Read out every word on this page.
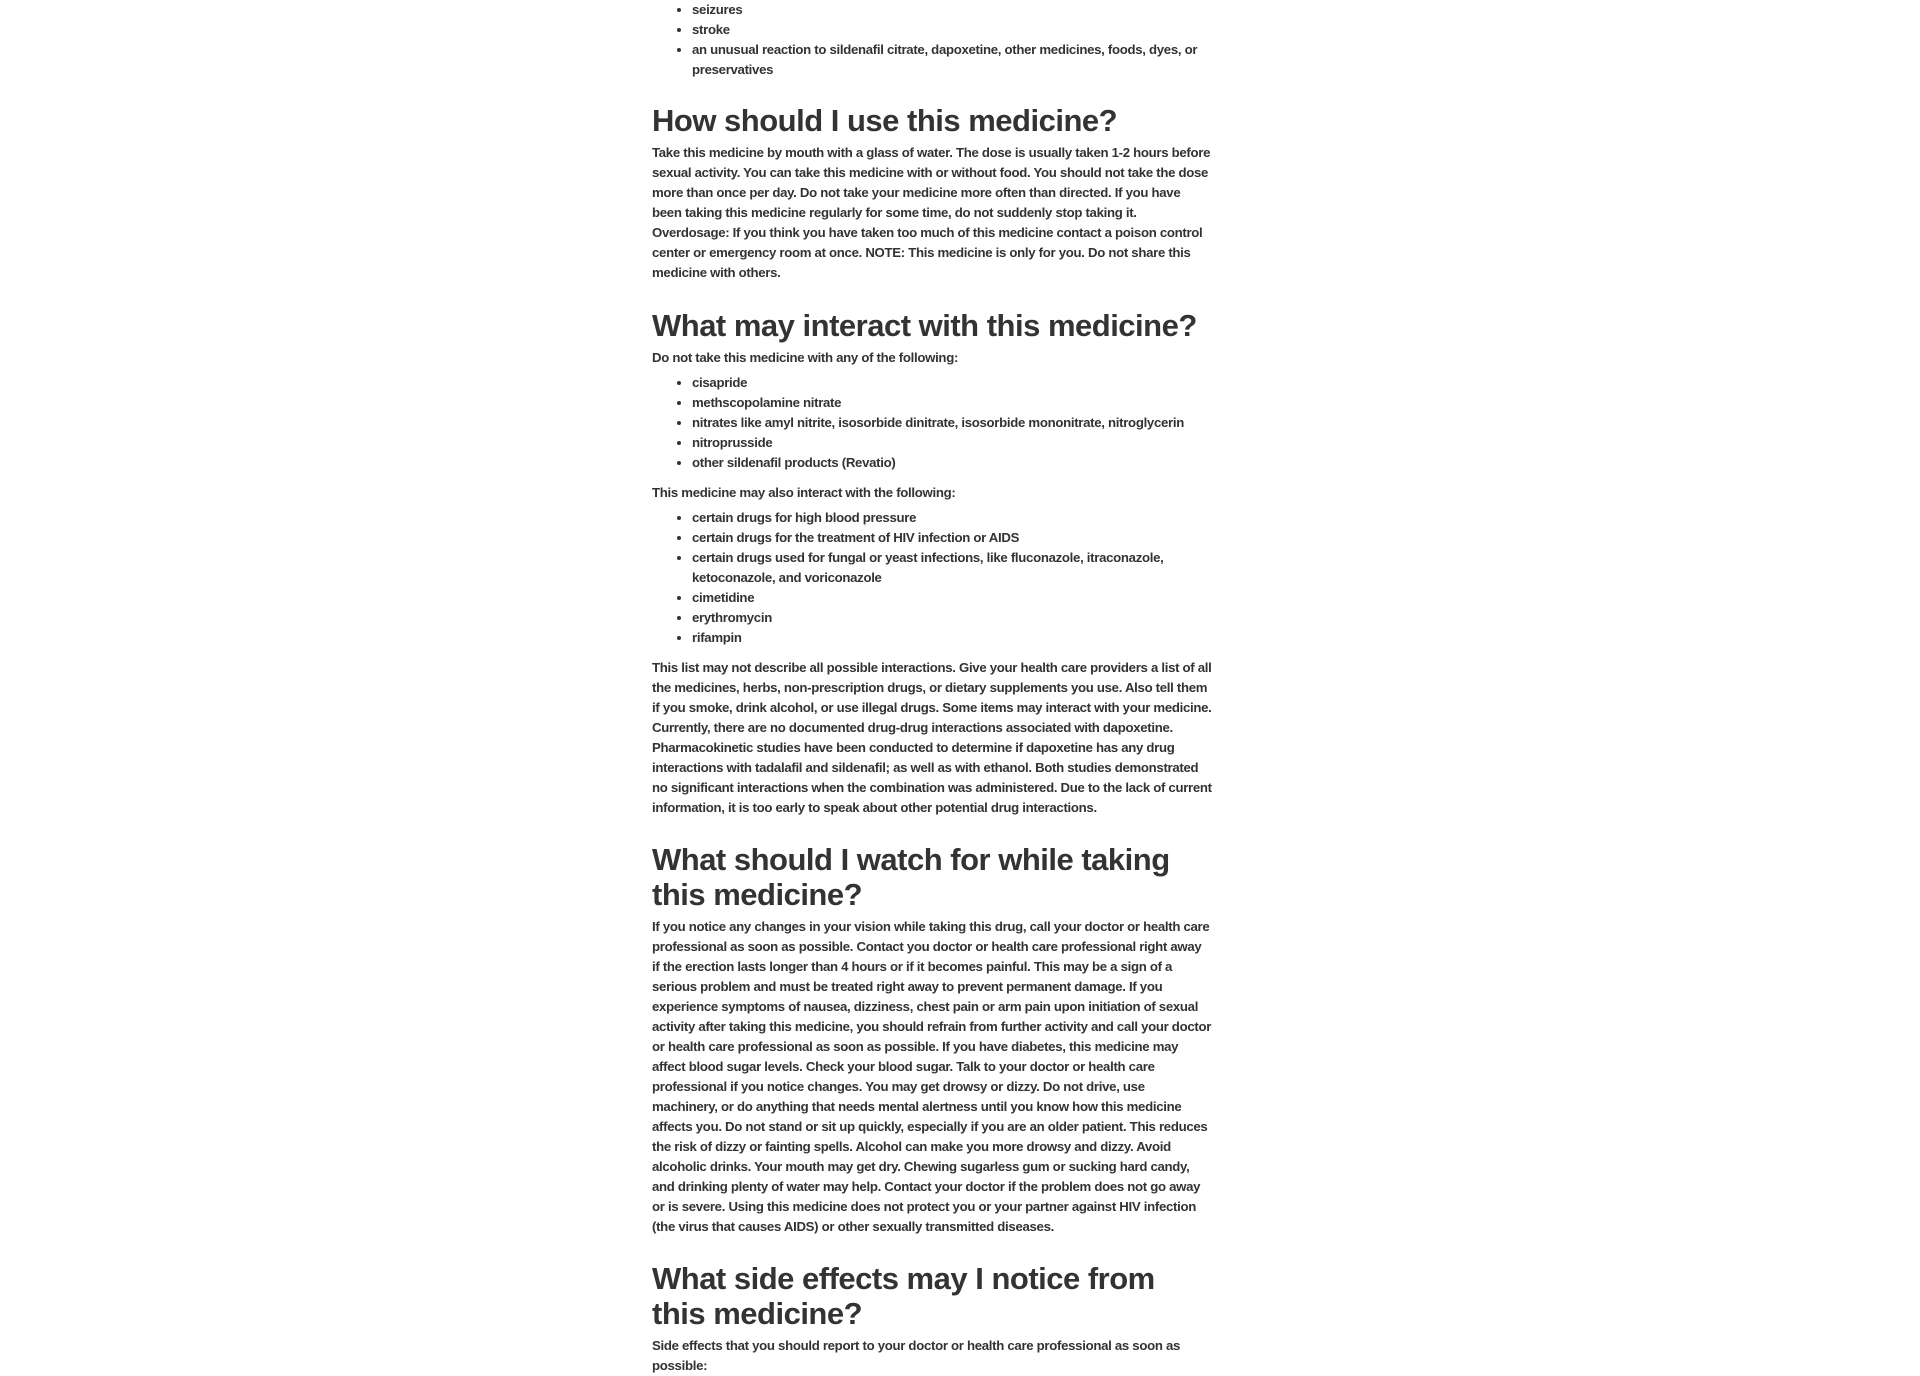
• seizures
• stroke
• an unusual reaction to sildenafil citrate, dapoxetine, other medicines, foods, dyes, or preservatives
How should I use this medicine?

Take this medicine by mouth with a glass of water. The dose is usually taken 1-2 hours before sexual activity. You can take this medicine with or without food. You should not take the dose more than once per day. Do not take your medicine more often than directed. If you have been taking this medicine regularly for some time, do not suddenly stop taking it. Overdosage: If you think you have taken too much of this medicine contact a poison control center or emergency room at once. NOTE: This medicine is only for you. Do not share this medicine with others.

What may interact with this medicine?

Do not take this medicine with any of the following:

• cisapride
• methscopolamine nitrate
• nitrates like amyl nitrite, isosorbide dinitrate, isosorbide mononitrate, nitroglycerin
• nitroprusside
• other sildenafil products (Revatio)

This medicine may also interact with the following:

• certain drugs for high blood pressure
• certain drugs for the treatment of HIV infection or AIDS
• certain drugs used for fungal or yeast infections, like fluconazole, itraconazole, ketoconazole, and voriconazole
• cimetidine
• erythromycin
• rifampin

This list may not describe all possible interactions. Give your health care providers a list of all the medicines, herbs, non-prescription drugs, or dietary supplements you use. Also tell them if you smoke, drink alcohol, or use illegal drugs. Some items may interact with your medicine. Currently, there are no documented drug-drug interactions associated with dapoxetine. Pharmacokinetic studies have been conducted to determine if dapoxetine has any drug interactions with tadalafil and sildenafil; as well as with ethanol. Both studies demonstrated no significant interactions when the combination was administered. Due to the lack of current information, it is too early to speak about other potential drug interactions.

What should I watch for while taking this medicine?

If you notice any changes in your vision while taking this drug, call your doctor or health care professional as soon as possible. Contact you doctor or health care professional right away if the erection lasts longer than 4 hours or if it becomes painful. This may be a sign of a serious problem and must be treated right away to prevent permanent damage. If you experience symptoms of nausea, dizziness, chest pain or arm pain upon initiation of sexual activity after taking this medicine, you should refrain from further activity and call your doctor or health care professional as soon as possible. If you have diabetes, this medicine may affect blood sugar levels. Check your blood sugar. Talk to your doctor or health care professional if you notice changes. You may get drowsy or dizzy. Do not drive, use machinery, or do anything that needs mental alertness until you know how this medicine affects you. Do not stand or sit up quickly, especially if you are an older patient. This reduces the risk of dizzy or fainting spells. Alcohol can make you more drowsy and dizzy. Avoid alcoholic drinks. Your mouth may get dry. Chewing sugarless gum or sucking hard candy, and drinking plenty of water may help. Contact your doctor if the problem does not go away or is severe. Using this medicine does not protect you or your partner against HIV infection (the virus that causes AIDS) or other sexually transmitted diseases.

What side effects may I notice from this medicine?

Side effects that you should report to your doctor or health care professional as soon as possible:
